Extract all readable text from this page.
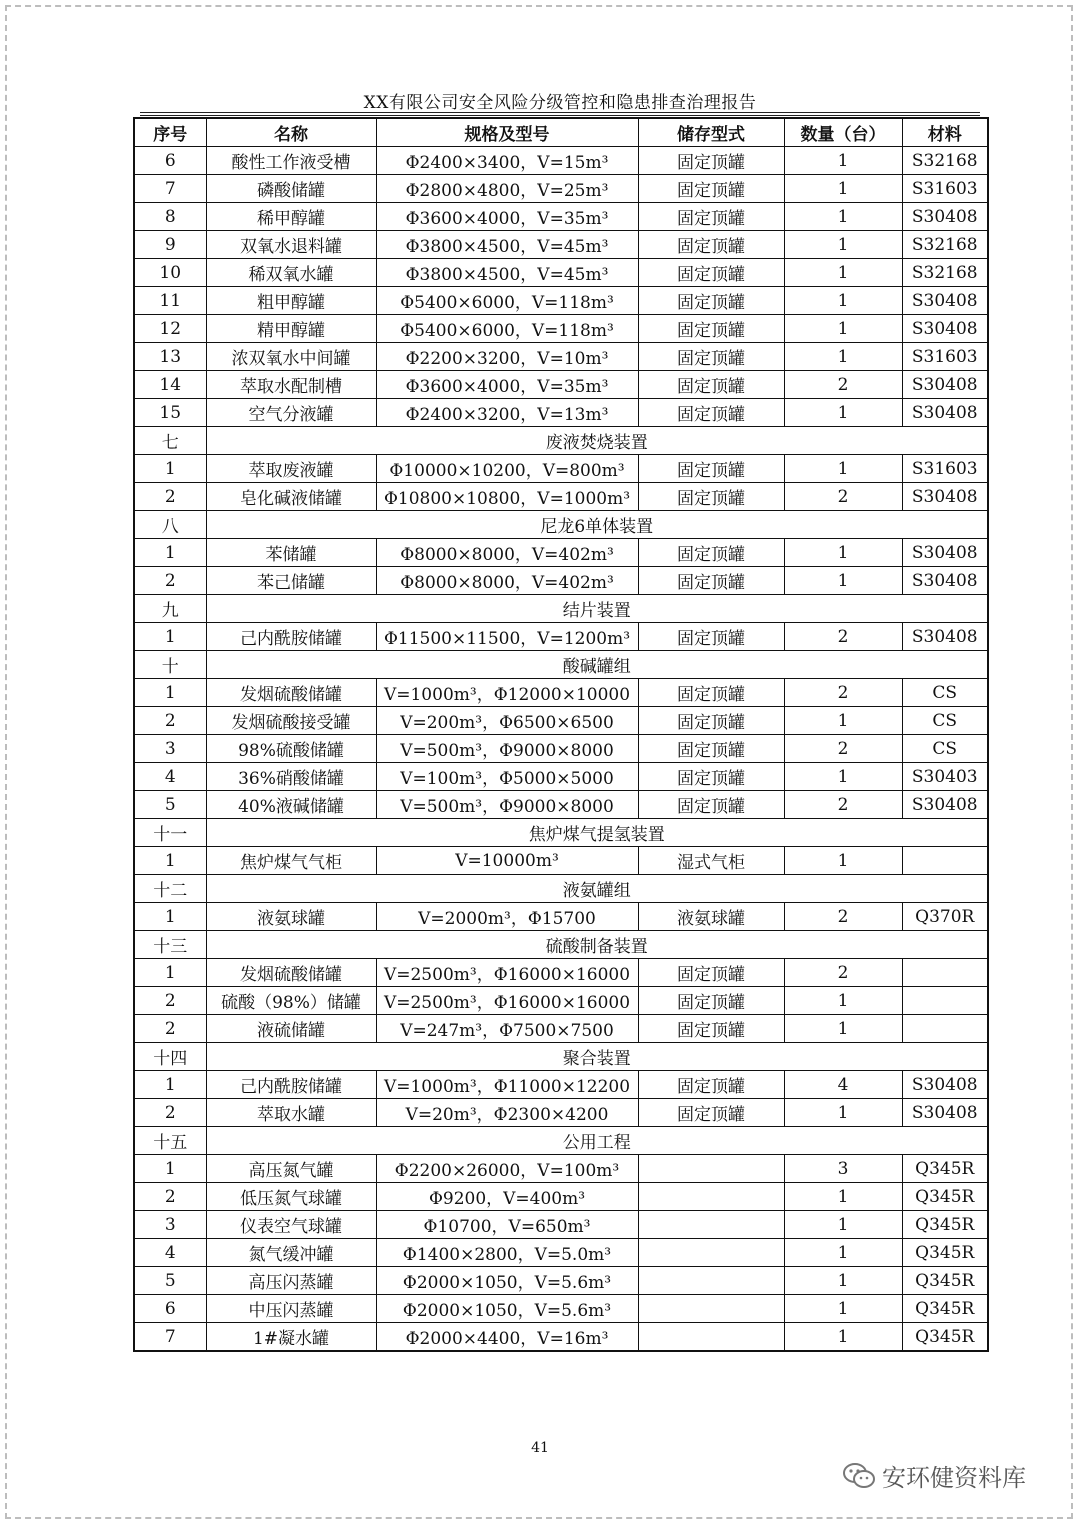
XX有限公司安全风险分级管控和隐患排查治理报告
序号	名称	规格及型号	储存型式	数量（台）	材料
6	酸性工作液受槽	Φ2400×3400，V=15m³	固定顶罐	1	S32168
7	磷酸储罐	Φ2800×4800，V=25m³	固定顶罐	1	S31603
8	稀甲醇罐	Φ3600×4000，V=35m³	固定顶罐	1	S30408
9	双氧水退料罐	Φ3800×4500，V=45m³	固定顶罐	1	S32168
10	稀双氧水罐	Φ3800×4500，V=45m³	固定顶罐	1	S32168
11	粗甲醇罐	Φ5400×6000，V=118m³	固定顶罐	1	S30408
12	精甲醇罐	Φ5400×6000，V=118m³	固定顶罐	1	S30408
13	浓双氧水中间罐	Φ2200×3200，V=10m³	固定顶罐	1	S31603
14	萃取水配制槽	Φ3600×4000，V=35m³	固定顶罐	2	S30408
15	空气分液罐	Φ2400×3200，V=13m³	固定顶罐	1	S30408
七	废液焚烧装置				
1	萃取废液罐	Φ10000×10200，V=800m³	固定顶罐	1	S31603
2	皂化碱液储罐	Φ10800×10800，V=1000m³	固定顶罐	2	S30408
八	尼龙6单体装置				
1	苯储罐	Φ8000×8000，V=402m³	固定顶罐	1	S30408
2	苯己储罐	Φ8000×8000，V=402m³	固定顶罐	1	S30408
九	结片装置				
1	己内酰胺储罐	Φ11500×11500，V=1200m³	固定顶罐	2	S30408
十	酸碱罐组				
1	发烟硫酸储罐	V=1000m³，Φ12000×10000	固定顶罐	2	CS
2	发烟硫酸接受罐	V=200m³，Φ6500×6500	固定顶罐	1	CS
3	98%硫酸储罐	V=500m³，Φ9000×8000	固定顶罐	2	CS
4	36%硝酸储罐	V=100m³，Φ5000×5000	固定顶罐	1	S30403
5	40%液碱储罐	V=500m³，Φ9000×8000	固定顶罐	2	S30408
十一	焦炉煤气提氢装置				
1	焦炉煤气气柜	V=10000m³	湿式气柜	1	
十二	液氨罐组				
1	液氨球罐	V=2000m³，Φ15700	液氨球罐	2	Q370R
十三	硫酸制备装置				
1	发烟硫酸储罐	V=2500m³，Φ16000×16000	固定顶罐	2	
2	硫酸（98%）储罐	V=2500m³，Φ16000×16000	固定顶罐	1	
2	液硫储罐	V=247m³，Φ7500×7500	固定顶罐	1	
十四	聚合装置				
1	己内酰胺储罐	V=1000m³，Φ11000×12200	固定顶罐	4	S30408
2	萃取水罐	V=20m³，Φ2300×4200	固定顶罐	1	S30408
十五	公用工程				
1	高压氮气罐	Φ2200×26000，V=100m³		3	Q345R
2	低压氮气球罐	Φ9200，V=400m³		1	Q345R
3	仪表空气球罐	Φ10700，V=650m³		1	Q345R
4	氮气缓冲罐	Φ1400×2800，V=5.0m³		1	Q345R
5	高压闪蒸罐	Φ2000×1050，V=5.6m³		1	Q345R
6	中压闪蒸罐	Φ2000×1050，V=5.6m³		1	Q345R
7	1#凝水罐	Φ2000×4400，V=16m³		1	Q345R
41
安环健资料库
